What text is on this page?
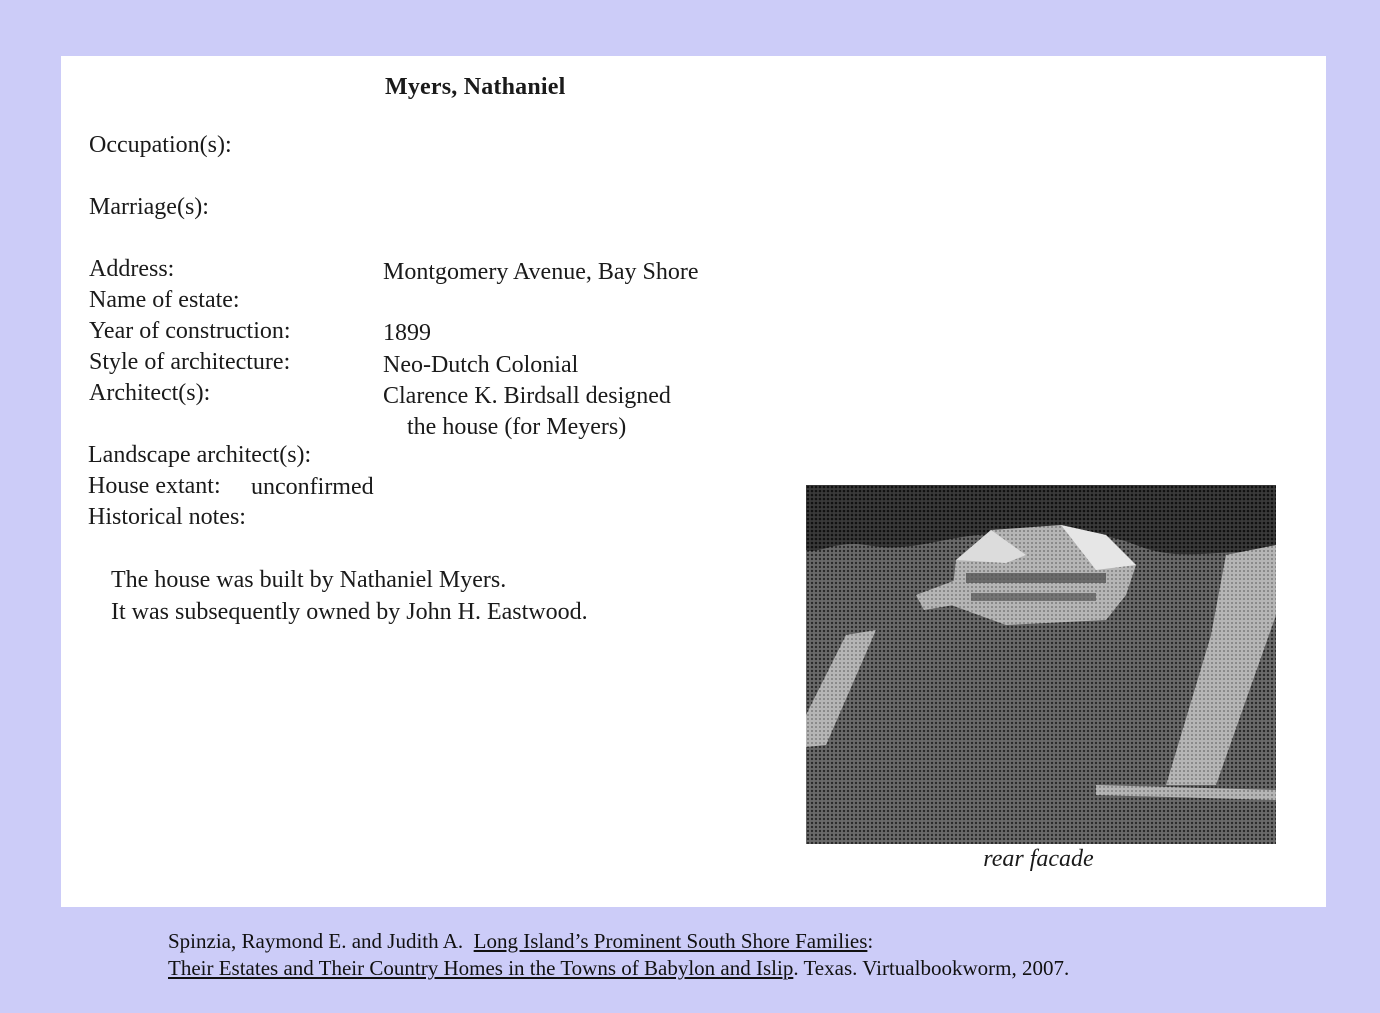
Myers, Nathaniel
Occupation(s):
Marriage(s):
Address:	Montgomery Avenue, Bay Shore
Name of estate:
Year of construction:	1899
Style of architecture:	Neo-Dutch Colonial
Architect(s):	Clarence K. Birdsall designed
the house (for Meyers)
Landscape architect(s):
House extant: unconfirmed
Historical notes:
The house was built by Nathaniel Myers.
It was subsequently owned by John H. Eastwood.
rear facade
Spinzia, Raymond E. and Judith A. Long Island’s Prominent South Shore Families:
Their Estates and Their Country Homes in the Towns of Babylon and Islip. Texas. Virtualbookworm, 2007.
